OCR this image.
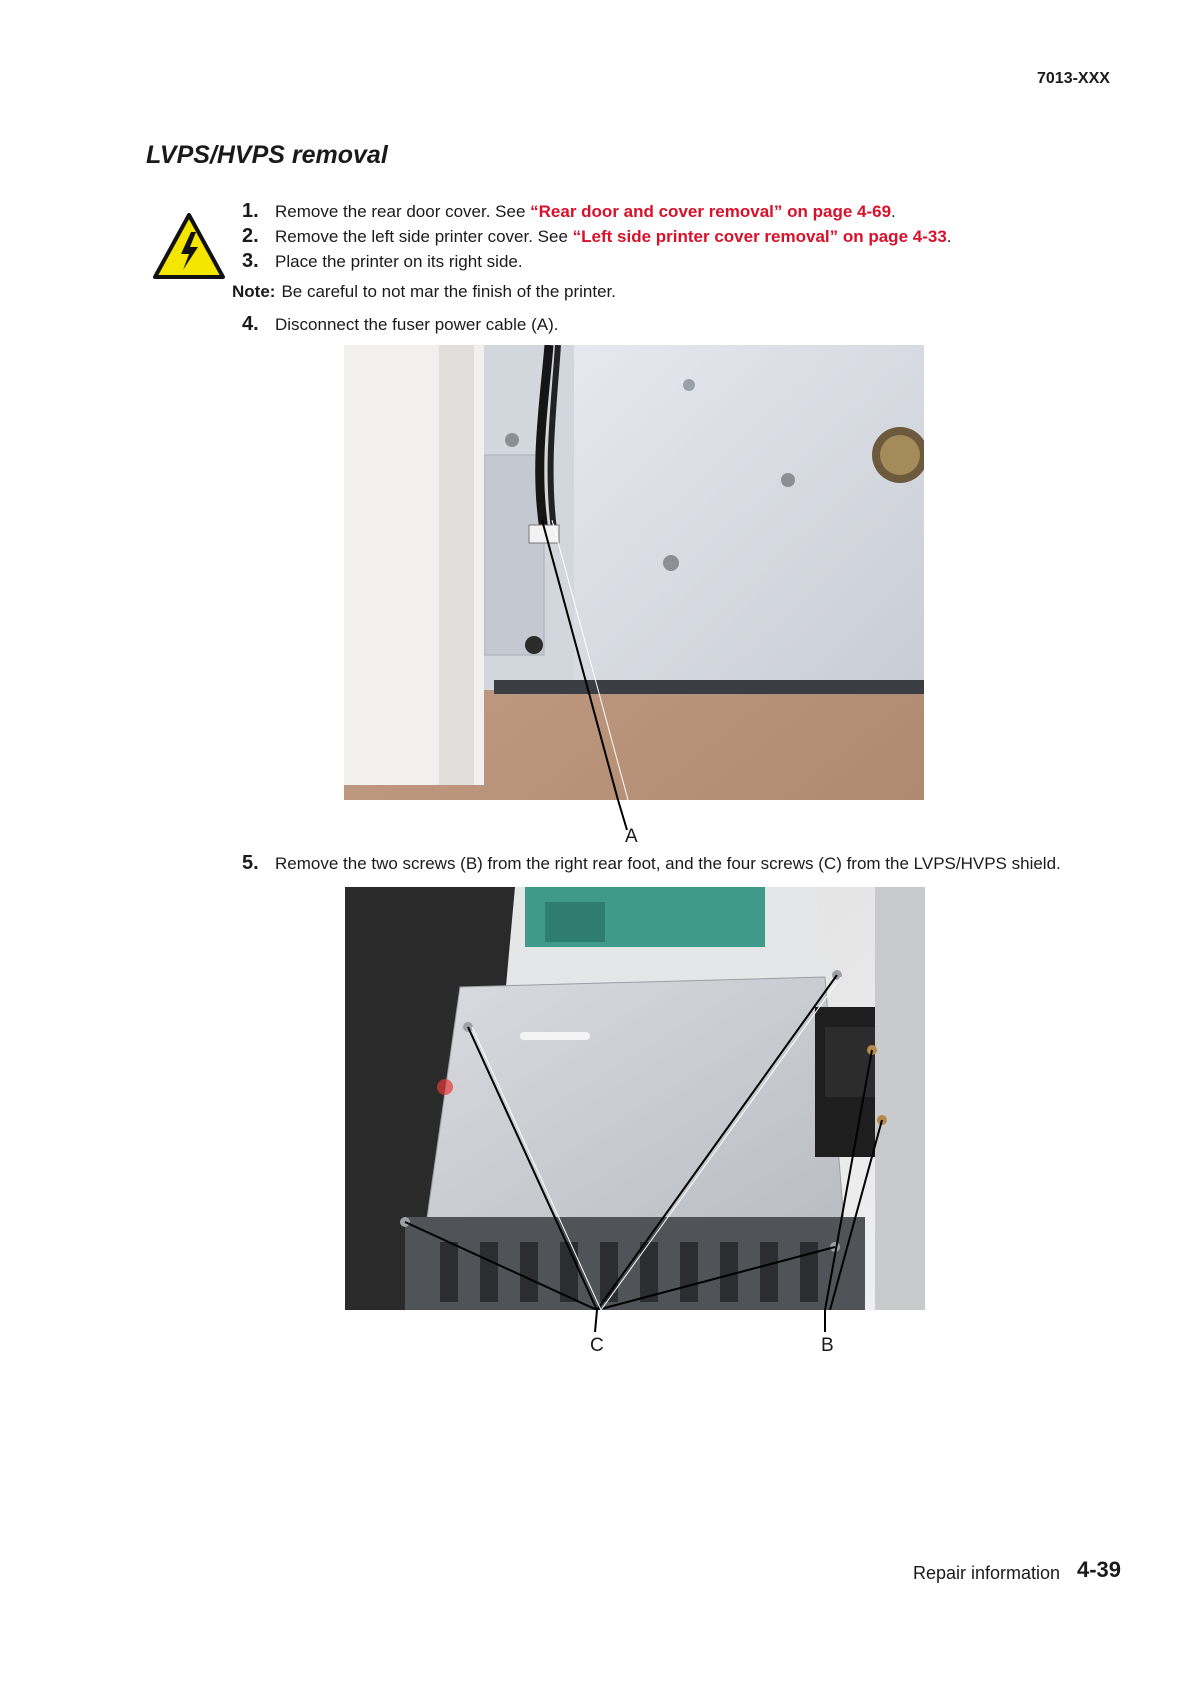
7013-XXX
LVPS/HVPS removal
1. Remove the rear door cover. See “Rear door and cover removal” on page 4-69.
2. Remove the left side printer cover. See “Left side printer cover removal” on page 4-33.
3. Place the printer on its right side.
Note: Be careful to not mar the finish of the printer.
4. Disconnect the fuser power cable (A).
A
5. Remove the two screws (B) from the right rear foot, and the four screws (C) from the LVPS/HVPS shield.
C	B
Repair information 4-39
